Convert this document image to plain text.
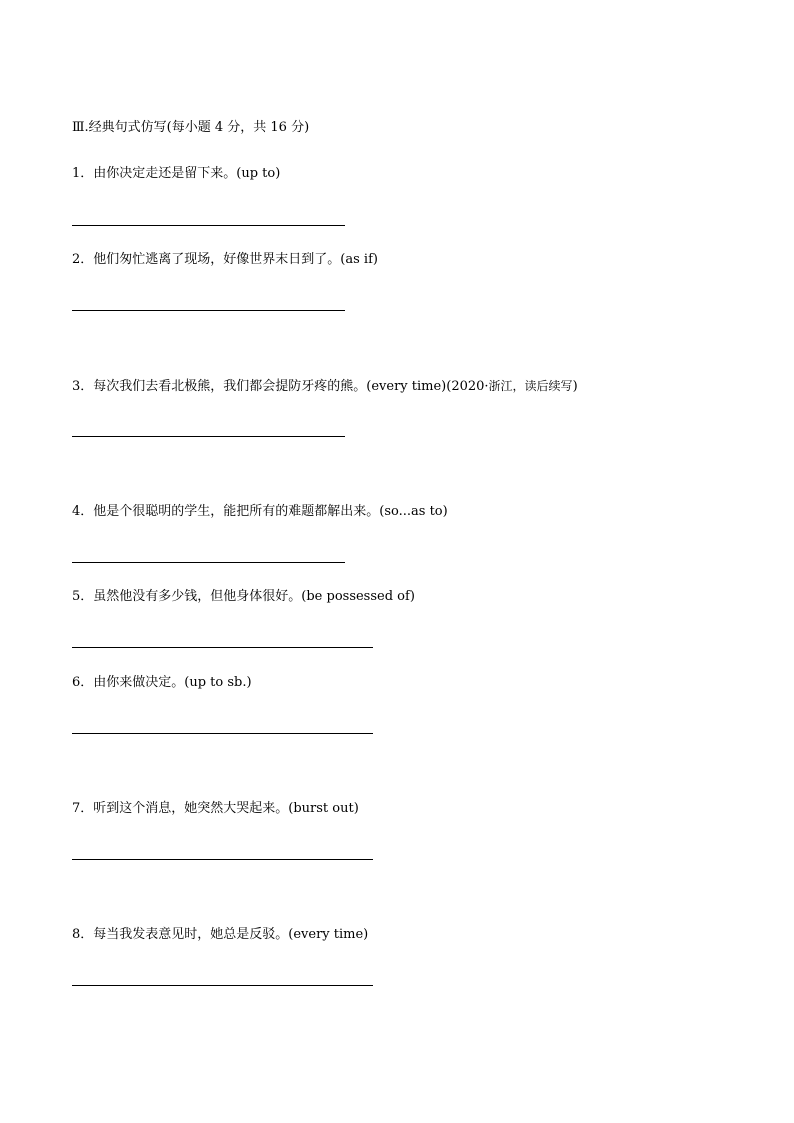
Ⅲ.经典句式仿写(每小题 4 分，共 16 分)
1．由你决定走还是留下来。(up to)
2．他们匆忙逃离了现场，好像世界末日到了。(as if)
3．每次我们去看北极熊，我们都会提防牙疼的熊。(every time)(2020·浙江，读后续写)
4．他是个很聪明的学生，能把所有的难题都解出来。(so...as to)
5．虽然他没有多少钱，但他身体很好。(be possessed of)
6．由你来做决定。(up to sb.)
7．听到这个消息，她突然大哭起来。(burst out)
8．每当我发表意见时，她总是反驳。(every time)
